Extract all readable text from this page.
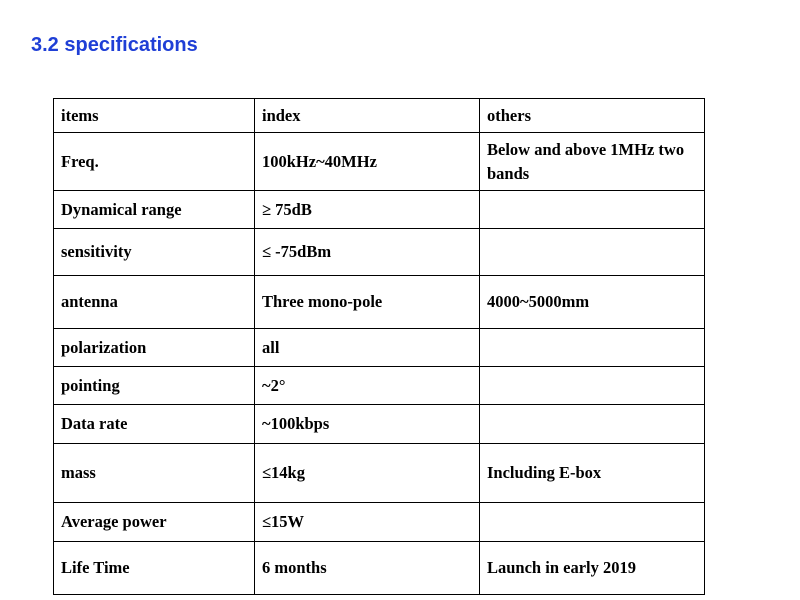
3.2 specifications
items	index	others
Freq.	100kHz~40MHz	Below and above 1MHz two bands
Dynamical range	≥ 75dB	
sensitivity	≤ -75dBm	
antenna	Three mono-pole	4000~5000mm
polarization	all	
pointing	~2°	
Data rate	~100kbps	
mass	≤14kg	Including E-box
Average power	≤15W	
Life Time	6 months	Launch in early 2019
